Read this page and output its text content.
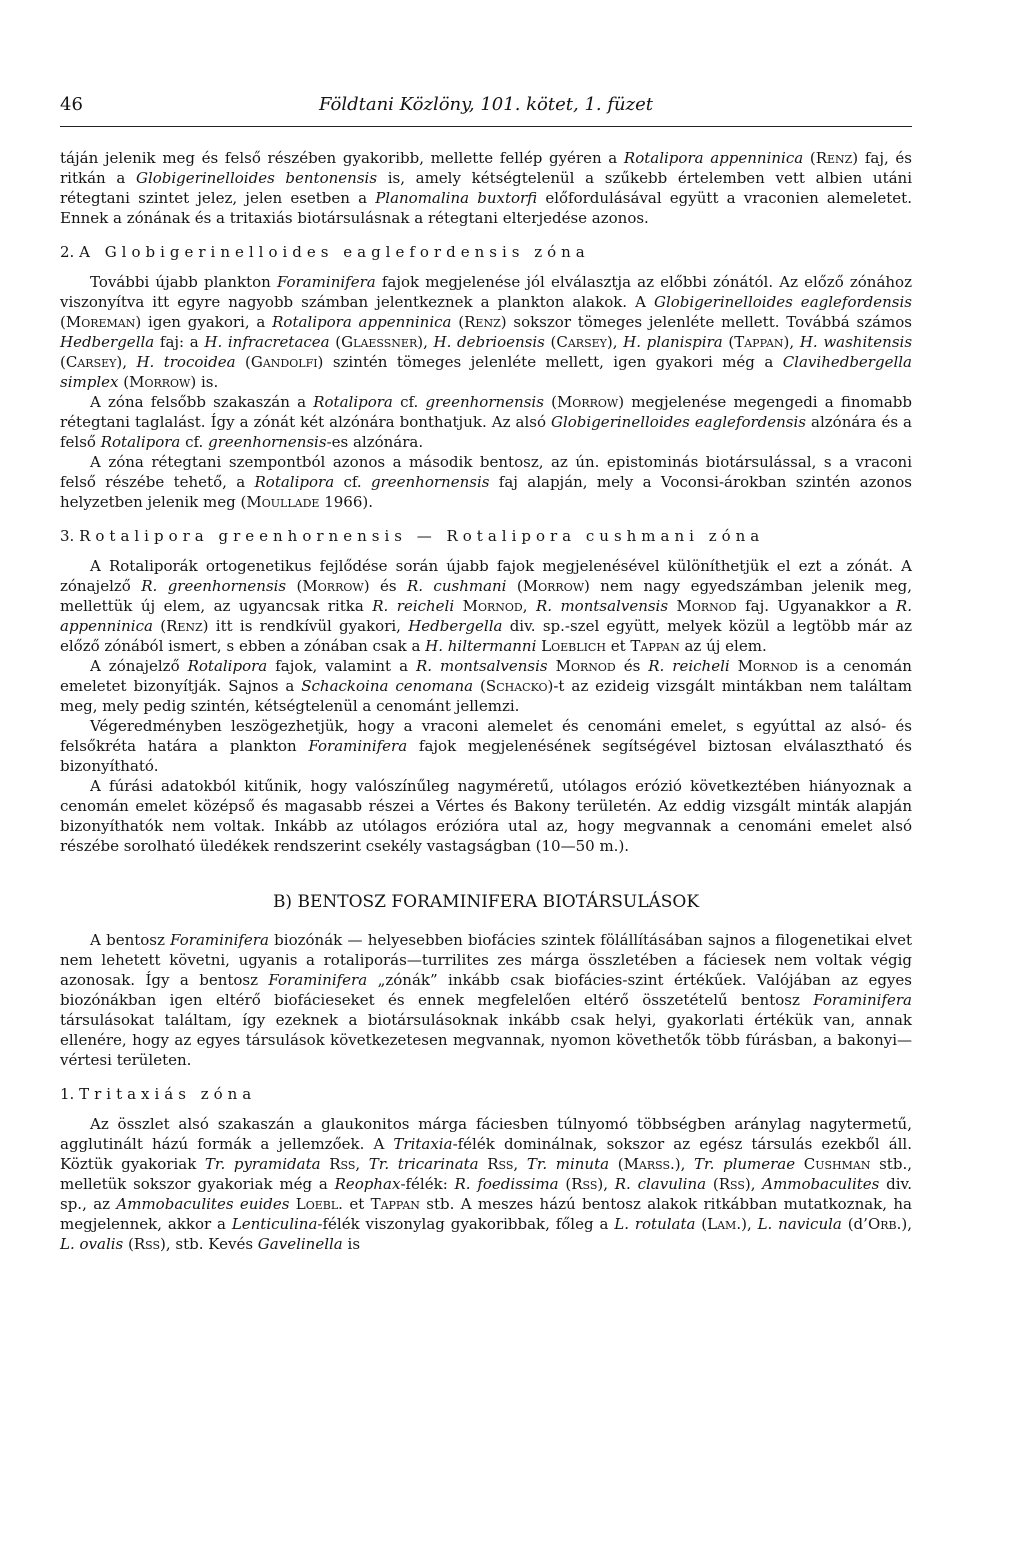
46	Földtani Közlöny, 101. kötet, 1. füzet

táján jelenik meg és felső részében gyakoribb, mellette fellép gyéren a Rotalipora appenninica (Renz) faj, és ritkán a Globigerinelloides bentonensis is, amely kétségtelenül a szűkebb értelemben vett albien utáni rétegtani szintet jelez, jelen esetben a Planomalina buxtorfi előfordulásával együtt a vraconien alemeletet. Ennek a zónának és a tritaxiás biotársulásnak a rétegtani elterjedése azonos.

2. A Globigerinelloides eaglefordensis zóna

További újabb plankton Foraminifera fajok megjelenése jól elválasztja az előbbi zónától. Az előző zónához viszonyítva itt egyre nagyobb számban jelentkeznek a plankton alakok. A Globigerinelloides eaglefordensis (Moreman) igen gyakori, a Rotalipora appenninica (Renz) sokszor tömeges jelenléte mellett. Továbbá számos Hedbergella faj: a H. infracretacea (Glaessner), H. debrioensis (Carsey), H. planispira (Tappan), H. washitensis (Carsey), H. trocoidea (Gandolfi) szintén tömeges jelenléte mellett, igen gyakori még a Clavihedbergella simplex (Morrow) is.

A zóna felsőbb szakaszán a Rotalipora cf. greenhornensis (Morrow) megjelenése megengedi a finomabb rétegtani taglalást. Így a zónát két alzónára bonthatjuk. Az alsó Globigerinelloides eaglefordensis alzónára és a felső Rotalipora cf. greenhornensis-es alzónára.

A zóna rétegtani szempontból azonos a második bentosz, az ún. epistominás biotársulással, s a vraconi felső részébe tehető, a Rotalipora cf. greenhornensis faj alapján, mely a Voconsi-árokban szintén azonos helyzetben jelenik meg (Moullade 1966).

3. Rotalipora greenhornensis — Rotalipora cushmani zóna

A Rotaliporák ortogenetikus fejlődése során újabb fajok megjelenésével különíthetjük el ezt a zónát. A zónajelző R. greenhornensis (Morrow) és R. cushmani (Morrow) nem nagy egyedszámban jelenik meg, mellettük új elem, az ugyancsak ritka R. reicheli Mornod, R. montsalvensis Mornod faj. Ugyanakkor a R. appenninica (Renz) itt is rendkívül gyakori, Hedbergella div. sp.-szel együtt, melyek közül a legtöbb már az előző zónából ismert, s ebben a zónában csak a H. hiltermanni Loeblich et Tappan az új elem.

A zónajelző Rotalipora fajok, valamint a R. montsalvensis Mornod és R. reicheli Mornod is a cenomán emeletet bizonyítják. Sajnos a Schackoina cenomana (Schacko)-t az ezideig vizsgált mintákban nem találtam meg, mely pedig szintén, kétségtelenül a cenománt jellemzi.

Végeredményben leszögezhetjük, hogy a vraconi alemelet és cenománi emelet, s egyúttal az alsó- és felsőkréta határa a plankton Foraminifera fajok megjelenésének segítségével biztosan elválasztható és bizonyítható.

A fúrási adatokból kitűnik, hogy valószínűleg nagyméretű, utólagos erózió következtében hiányoznak a cenomán emelet középső és magasabb részei a Vértes és Bakony területén. Az eddig vizsgált minták alapján bizonyíthatók nem voltak. Inkább az utólagos erózióra utal az, hogy megvannak a cenománi emelet alsó részébe sorolható üledékek rendszerint csekély vastagságban (10—50 m.).

B) BENTOSZ FORAMINIFERA BIOTÁRSULÁSOK

A bentosz Foraminifera biozónák — helyesebben biofácies szintek fölállításában sajnos a filogenetikai elvet nem lehetett követni, ugyanis a rotaliporás—turrilites zes márga összletében a fáciesek nem voltak végig azonosak. Így a bentosz Foraminifera „zónák” inkább csak biofácies-szint értékűek. Valójában az egyes biozónákban igen eltérő biofácieseket és ennek megfelelően eltérő összetételű bentosz Foraminifera társulásokat találtam, így ezeknek a biotársulásoknak inkább csak helyi, gyakorlati értékük van, annak ellenére, hogy az egyes társulások következetesen megvannak, nyomon követhetők több fúrásban, a bakonyi—vértesi területen.

1. Tritaxiás zóna

Az összlet alsó szakaszán a glaukonitos márga fáciesben túlnyomó többségben aránylag nagytermetű, agglutinált házú formák a jellemzőek. A Tritaxia-félék dominálnak, sokszor az egész társulás ezekből áll. Köztük gyakoriak Tr. pyramidata Rss, Tr. tricarinata Rss, Tr. minuta (Marss.), Tr. plumerae Cushman stb., melletük sokszor gyakoriak még a Reophax-félék: R. foedissima (Rss), R. clavulina (Rss), Ammobaculites div. sp., az Ammobaculites euides Loebl. et Tappan stb. A meszes házú bentosz alakok ritkábban mutatkoznak, ha megjelennek, akkor a Lenticulina-félék viszonylag gyakoribbak, főleg a L. rotulata (Lam.), L. navicula (d’Orb.), L. ovalis (Rss), stb. Kevés Gavelinella is
